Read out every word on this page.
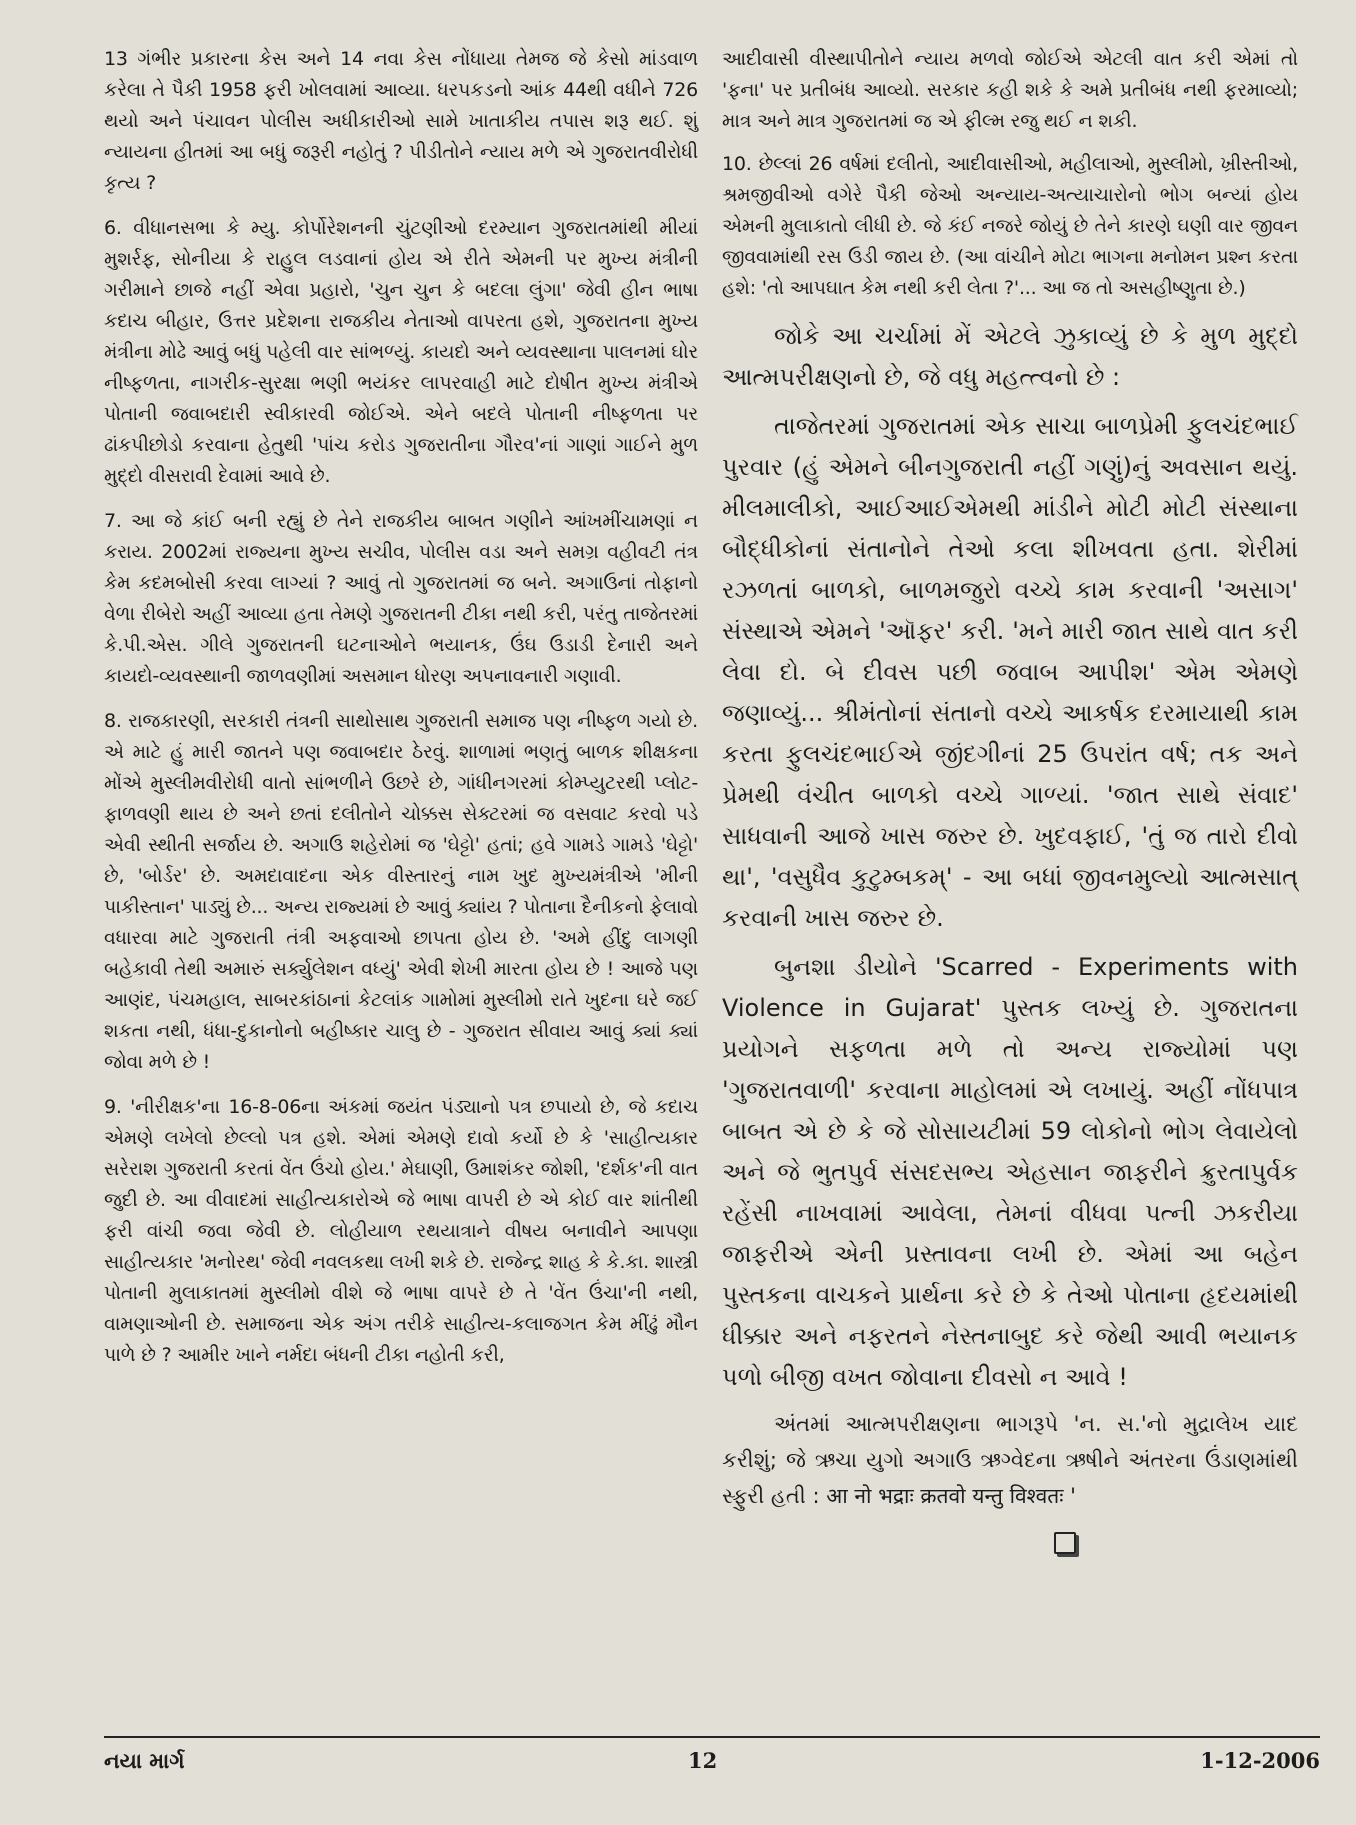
13 ગંભીર પ્રકારના કેસ અને 14 નવા કેસ નોંધાયા તેમજ જે કેસો માંડવાળ કરેલા તે પૈકી 1958 ફરી ખોલવામાં આવ્યા. ધરપકડનો આંક 44થી વધીને 726 થયો અને પંચાવન પોલીસ અધીકારીઓ સામે ખાતાકીય તપાસ શરૂ થઈ. શું ન્યાયના હીતમાં આ બધું જરૂરી નહોતું ? પીડીતોને ન્યાય મળે એ ગુજરાતવીરોધી કૃત્ય ?

6. વીધાનસભા કે મ્યુ. કોર્પોરેશનની ચુંટણીઓ દરમ્યાન ગુજરાતમાંથી મીયાં મુશર્રફ, સોનીયા કે રાહુલ લડવાનાં હોય એ રીતે એમની પર મુખ્ય મંત્રીની ગરીમાને છાજે નહીં એવા પ્રહારો, 'ચુન ચુન કે બદલા લુંગા' જેવી હીન ભાષા કદાચ બીહાર, ઉત્તર પ્રદેશના રાજકીય નેતાઓ વાપરતા હશે, ગુજરાતના મુખ્ય મંત્રીના મોઢે આવું બધું પહેલી વાર સાંભળ્યું. કાયદો અને વ્યવસ્થાના પાલનમાં ઘોર નીષ્ફળતા, નાગરીક-સુરક્ષા ભણી ભયંકર લાપરવાહી માટે દોષીત મુખ્ય મંત્રીએ પોતાની જવાબદારી સ્વીકારવી જોઈએ. એને બદલે પોતાની નીષ્ફળતા પર ઢાંકપીછોડો કરવાના હેતુથી 'પાંચ કરોડ ગુજરાતીના ગૌરવ'નાં ગાણાં ગાઈને મુળ મુદ્દો વીસરાવી દેવામાં આવે છે.

7. આ જે કાંઈ બની રહ્યું છે તેને રાજકીય બાબત ગણીને આંખમીંચામણાં ન કરાય. 2002માં રાજ્યના મુખ્ય સચીવ, પોલીસ વડા અને સમગ્ર વહીવટી તંત્ર કેમ કદમબોસી કરવા લાગ્યાં ? આવું તો ગુજરાતમાં જ બને. અગાઉનાં તોફાનો વેળા રીબેરો અહીં આવ્યા હતા તેમણે ગુજરાતની ટીકા નથી કરી, પરંતુ તાજેતરમાં કે.પી.એસ. ગીલે ગુજરાતની ઘટનાઓને ભયાનક, ઉંઘ ઉડાડી દેનારી અને કાયદો-વ્યવસ્થાની જાળવણીમાં અસમાન ધોરણ અપનાવનારી ગણાવી.

8. રાજકારણી, સરકારી તંત્રની સાથોસાથ ગુજરાતી સમાજ પણ નીષ્ફળ ગયો છે. એ માટે હું મારી જાતને પણ જવાબદાર ઠેરવું. શાળામાં ભણતું બાળક શીક્ષકના મોંએ મુસ્લીમવીરોધી વાતો સાંભળીને ઉછરે છે, ગાંધીનગરમાં કોમ્પ્યુટરથી પ્લોટ-ફાળવણી થાય છે અને છતાં દલીતોને ચોક્કસ સેક્ટરમાં જ વસવાટ કરવો પડે એવી સ્થીતી સર્જાય છે. અગાઉ શહેરોમાં જ 'ઘેટ્ટો' હતાં; હવે ગામડે ગામડે 'ઘેટ્ટો' છે, 'બોર્ડર' છે. અમદાવાદના એક વીસ્તારનું નામ ખુદ મુખ્યમંત્રીએ 'મીની પાકીસ્તાન' પાડ્યું છે... અન્ય રાજ્યમાં છે આવું ક્યાંય ? પોતાના દૈનીકનો ફેલાવો વધારવા માટે ગુજરાતી તંત્રી અફવાઓ છાપતા હોય છે. 'અમે હીંદુ લાગણી બહેકાવી તેથી અમારું સર્ક્યુલેશન વધ્યું' એવી શેખી મારતા હોય છે ! આજે પણ આણંદ, પંચમહાલ, સાબરકાંઠાનાં કેટલાંક ગામોમાં મુસ્લીમો રાતે ખુદના ઘરે જઈ શકતા નથી, ધંધા-દુકાનોનો બહીષ્કાર ચાલુ છે - ગુજરાત સીવાય આવું ક્યાં ક્યાં જોવા મળે છે !

9. 'નીરીક્ષક'ના 16-8-06ના અંકમાં જયંત પંડ્યાનો પત્ર છપાયો છે, જે કદાચ એમણે લખેલો છેલ્લો પત્ર હશે. એમાં એમણે દાવો કર્યો છે કે 'સાહીત્યકાર સરેરાશ ગુજરાતી કરતાં વેંત ઉંચો હોય.' મેઘાણી, ઉમાશંકર જોશી, 'દર્શક'ની વાત જુદી છે. આ વીવાદમાં સાહીત્યકારોએ જે ભાષા વાપરી છે એ કોઈ વાર શાંતીથી ફરી વાંચી જવા જેવી છે. લોહીયાળ રથયાત્રાને વીષય બનાવીને આપણા સાહીત્યકાર 'મનોરથ' જેવી નવલકથા લખી શકે છે. રાજેન્દ્ર શાહ કે કે.કા. શાસ્ત્રી પોતાની મુલાકાતમાં મુસ્લીમો વીશે જે ભાષા વાપરે છે તે 'વેંત ઉંચા'ની નથી, વામણાઓની છે. સમાજના એક અંગ તરીકે સાહીત્ય-કલાજગત કેમ મીંઢું મૌન પાળે છે ? આમીર ખાને નર્મદા બંધની ટીકા નહોતી કરી,

આદીવાસી વીસ્થાપીતોને ન્યાય મળવો જોઈએ એટલી વાત કરી એમાં તો 'ફના' પર પ્રતીબંધ આવ્યો. સરકાર કહી શકે કે અમે પ્રતીબંધ નથી ફરમાવ્યો; માત્ર અને માત્ર ગુજરાતમાં જ એ ફીલ્મ રજુ થઈ ન શકી.

10. છેલ્લાં 26 વર્ષમાં દલીતો, આદીવાસીઓ, મહીલાઓ, મુસ્લીમો, ખ્રીસ્તીઓ, શ્રમજીવીઓ વગેરે પૈકી જેઓ અન્યાય-અત્યાચારોનો ભોગ બન્યાં હોય એમની મુલાકાતો લીધી છે. જે કંઈ નજરે જોયું છે તેને કારણે ઘણી વાર જીવન જીવવામાંથી રસ ઉડી જાય છે. (આ વાંચીને મોટા ભાગના મનોમન પ્રશ્ન કરતા હશે: 'તો આપઘાત કેમ નથી કરી લેતા ?'... આ જ તો અસહીષ્ણુતા છે.)

જોકે આ ચર્ચામાં મેં એટલે ઝુકાવ્યું છે કે મુળ મુદ્દો આત્મપરીક્ષણનો છે, જે વધુ મહત્ત્વનો છે :

તાજેતરમાં ગુજરાતમાં એક સાચા બાળપ્રેમી ફુલચંદભાઈ પુરવાર (હું એમને બીનગુજરાતી નહીં ગણું)નું અવસાન થયું. મીલમાલીકો, આઈઆઈએમથી માંડીને મોટી મોટી સંસ્થાના બૌદ્ધીકોનાં સંતાનોને તેઓ કલા શીખવતા હતા. શેરીમાં રઝળતાં બાળકો, બાળમજુરો વચ્ચે કામ કરવાની 'અસાગ' સંસ્થાએ એમને 'ઑફર' કરી. 'મને મારી જાત સાથે વાત કરી લેવા દો. બે દીવસ પછી જવાબ આપીશ' એમ એમણે જણાવ્યું... શ્રીમંતોનાં સંતાનો વચ્ચે આકર્ષક દરમાયાથી કામ કરતા ફુલચંદભાઈએ જીંદગીનાં 25 ઉપરાંત વર્ષ; તક અને પ્રેમથી વંચીત બાળકો વચ્ચે ગાળ્યાં. 'જાત સાથે સંવાદ' સાધવાની આજે ખાસ જરુર છે. ખુદવફાઈ, 'તું જ તારો દીવો થા', 'વસુધૈવ કુટુમ્બકમ્' - આ બધાં જીવનમુલ્યો આત્મસાત્ કરવાની ખાસ જરુર છે.

બુનશા ડીયોને 'Scarred - Experiments with Violence in Gujarat' પુસ્તક લખ્યું છે. ગુજરાતના પ્રયોગને સફળતા મળે તો અન્ય રાજ્યોમાં પણ 'ગુજરાતવાળી' કરવાના માહોલમાં એ લખાયું. અહીં નોંધપાત્ર બાબત એ છે કે જે સોસાયટીમાં 59 લોકોનો ભોગ લેવાયેલો અને જે ભુતપુર્વ સંસદસભ્ય એહસાન જાફરીને ક્રુરતાપુર્વક રહેંસી નાખવામાં આવેલા, તેમનાં વીધવા પત્ની ઝકરીયા જાફરીએ એની પ્રસ્તાવના લખી છે. એમાં આ બહેન પુસ્તકના વાચકને પ્રાર્થના કરે છે કે તેઓ પોતાના હૃદયમાંથી ધીક્કાર અને નફરતને નેસ્તનાબુદ કરે જેથી આવી ભયાનક પળો બીજી વખત જોવાના દીવસો ન આવે !

અંતમાં આત્મપરીક્ષણના ભાગરૂપે 'ન. સ.'નો મુદ્રાલેખ યાદ કરીશું; જે ઋચા યુગો અગાઉ ઋગ્વેદના ઋષીને અંતરના ઉંડાણમાંથી સ્ફુરી હતી : आ नो भद्राः क्रतवो यन्तु विश्वतः '

નયા માર્ગ	12	1-12-2006
